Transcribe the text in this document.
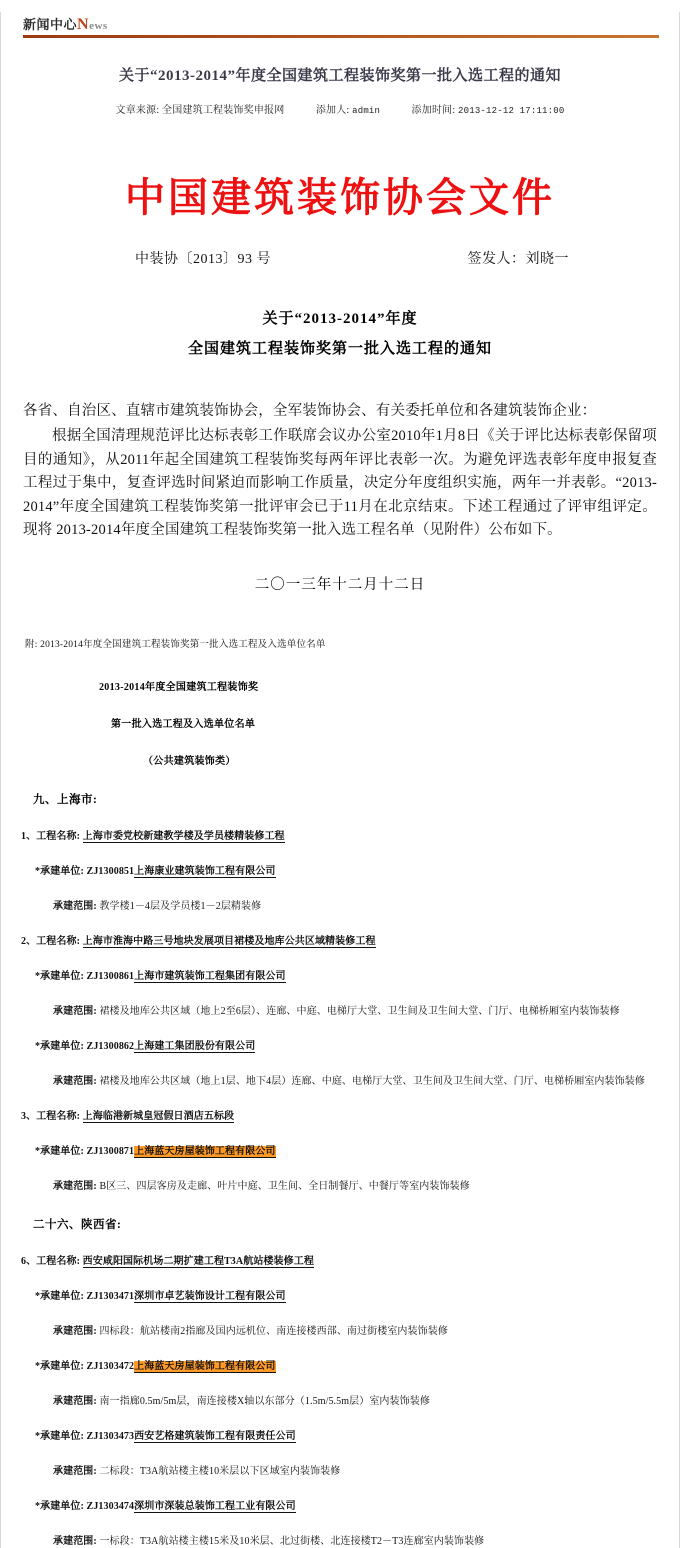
新闻中心News
关于“2013-2014”年度全国建筑工程装饰奖第一批入选工程的通知
文章来源: 全国建筑工程装饰奖申报网	添加人: admin	添加时间: 2013-12-12 17:11:00
中国建筑装饰协会文件
中装协〔2013〕93 号	签发人：刘晓一
关于“2013-2014”年度
全国建筑工程装饰奖第一批入选工程的通知

各省、自治区、直辖市建筑装饰协会，全军装饰协会、有关委托单位和各建筑装饰企业：

根据全国清理规范评比达标表彰工作联席会议办公室2010年1月8日《关于评比达标表彰保留项目的通知》，从2011年起全国建筑工程装饰奖每两年评比表彰一次。为避免评选表彰年度申报复查工程过于集中，复查评选时间紧迫而影响工作质量，决定分年度组织实施，两年一并表彰。“2013-2014”年度全国建筑工程装饰奖第一批评审会已于11月在北京结束。下述工程通过了评审组评定。现将 2013-2014年度全国建筑工程装饰奖第一批入选工程名单（见附件）公布如下。

二〇一三年十二月十二日
附: 2013-2014年度全国建筑工程装饰奖第一批入选工程及入选单位名单
2013-2014年度全国建筑工程装饰奖
第一批入选工程及入选单位名单
（公共建筑装饰类）
九、上海市:
1、工程名称: 上海市委党校新建教学楼及学员楼精装修工程
*承建单位: ZJ1300851上海康业建筑装饰工程有限公司
承建范围: 教学楼1－4层及学员楼1－2层精装修
2、工程名称: 上海市淮海中路三号地块发展项目裙楼及地库公共区域精装修工程
*承建单位: ZJ1300861上海市建筑装饰工程集团有限公司
承建范围: 裙楼及地库公共区域（地上2至6层）、连廊、中庭、电梯厅大堂、卫生间及卫生间大堂、门厅、电梯桥厢室内装饰装修
*承建单位: ZJ1300862上海建工集团股份有限公司
承建范围: 裙楼及地库公共区域（地上1层、地下4层）连廊、中庭、电梯厅大堂、卫生间及卫生间大堂、门厅、电梯桥厢室内装饰装修
3、工程名称: 上海临港新城皇冠假日酒店五标段
*承建单位: ZJ1300871上海蓝天房屋装饰工程有限公司
承建范围: B区三、四层客房及走廊、叶片中庭、卫生间、全日制餐厅、中餐厅等室内装饰装修
二十六、陕西省:
6、工程名称: 西安咸阳国际机场二期扩建工程T3A航站楼装修工程
*承建单位: ZJ1303471深圳市卓艺装饰设计工程有限公司
承建范围: 四标段：航站楼南2指廊及国内远机位、南连接楼西部、南过街楼室内装饰装修
*承建单位: ZJ1303472上海蓝天房屋装饰工程有限公司
承建范围: 南一指廊0.5m/5m层，南连接楼X轴以东部分（1.5m/5.5m层）室内装饰装修
*承建单位: ZJ1303473西安艺格建筑装饰工程有限责任公司
承建范围: 二标段：T3A航站楼主楼10米层以下区域室内装饰装修
*承建单位: ZJ1303474深圳市深装总装饰工程工业有限公司
承建范围: 一标段：T3A航站楼主楼15米及10米层、北过街楼、北连接楼T2－T3连廊室内装饰装修
